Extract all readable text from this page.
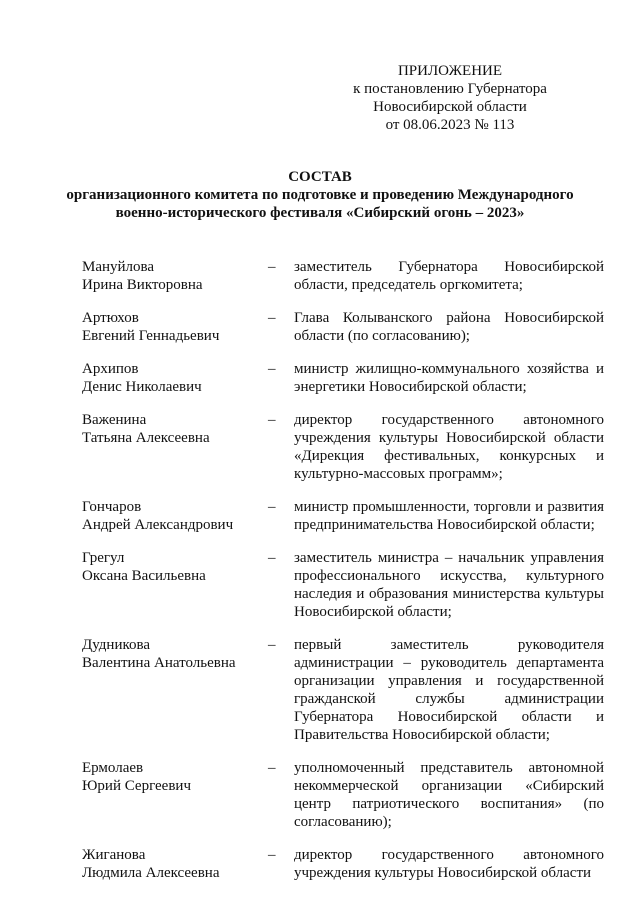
ПРИЛОЖЕНИЕ
к постановлению Губернатора
Новосибирской области
от 08.06.2023 № 113
СОСТАВ
организационного комитета по подготовке и проведению Международного
военно-исторического фестиваля «Сибирский огонь – 2023»
Мануйлова
Ирина Викторовна
–	заместитель Губернатора Новосибирской области, председатель оргкомитета;
Артюхов
Евгений Геннадьевич
–	Глава Колыванского района Новосибирской области (по согласованию);
Архипов
Денис Николаевич
–	министр жилищно-коммунального хозяйства и энергетики Новосибирской области;
Важенина
Татьяна Алексеевна
–	директор государственного автономного учреждения культуры Новосибирской области «Дирекция фестивальных, конкурсных и культурно-массовых программ»;
Гончаров
Андрей Александрович
–	министр промышленности, торговли и развития предпринимательства Новосибирской области;
Грегул
Оксана Васильевна
–	заместитель министра – начальник управления профессионального искусства, культурного наследия и образования министерства культуры Новосибирской области;
Дудникова
Валентина Анатольевна
–	первый заместитель руководителя администрации – руководитель департамента организации управления и государственной гражданской службы администрации Губернатора Новосибирской области и Правительства Новосибирской области;
Ермолаев
Юрий Сергеевич
–	уполномоченный представитель автономной некоммерческой организации «Сибирский центр патриотического воспитания» (по согласованию);
Жиганова
Людмила Алексеевна
–	директор государственного автономного учреждения культуры Новосибирской области
